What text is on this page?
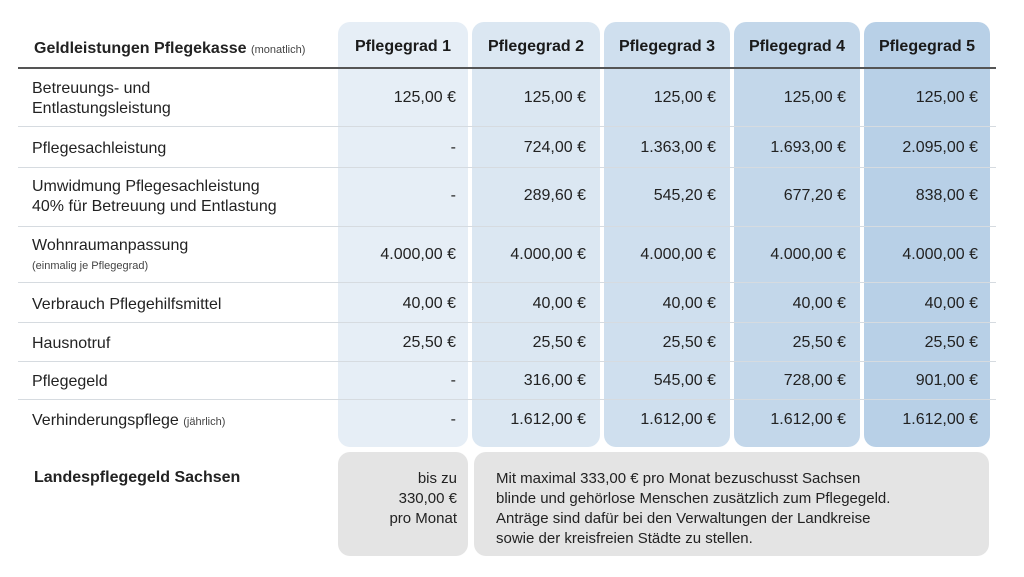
Geldleistungen Pflegekasse (monatlich)	Pflegegrad 1	Pflegegrad 2	Pflegegrad 3	Pflegegrad 4	Pflegegrad 5
Betreuungs- und
Entlastungsleistung
125,00 €	125,00 €	125,00 €	125,00 €	125,00 €
Pflegesachleistung	-	724,00 €	1.363,00 €	1.693,00 €	2.095,00 €
Umwidmung Pflegesachleistung
40% für Betreuung und Entlastung
-	289,60 €	545,20 €	677,20 €	838,00 €
Wohnraumanpassung
(einmalig je Pflegegrad)
4.000,00 €	4.000,00 €	4.000,00 €	4.000,00 €	4.000,00 €
Verbrauch Pflegehilfsmittel	40,00 €	40,00 €	40,00 €	40,00 €	40,00 €
Hausnotruf	25,50 €	25,50 €	25,50 €	25,50 €	25,50 €
Pflegegeld	-	316,00 €	545,00 €	728,00 €	901,00 €
Verhinderungspflege (jährlich)	-	1.612,00 €	1.612,00 €	1.612,00 €	1.612,00 €
Landespflegegeld Sachsen	bis zu
330,00 €
pro Monat
Mit maximal 333,00 € pro Monat bezuschusst Sachsen
blinde und gehörlose Menschen zusätzlich zum Pflegegeld.
Anträge sind dafür bei den Verwaltungen der Landkreise
sowie der kreisfreien Städte zu stellen.
